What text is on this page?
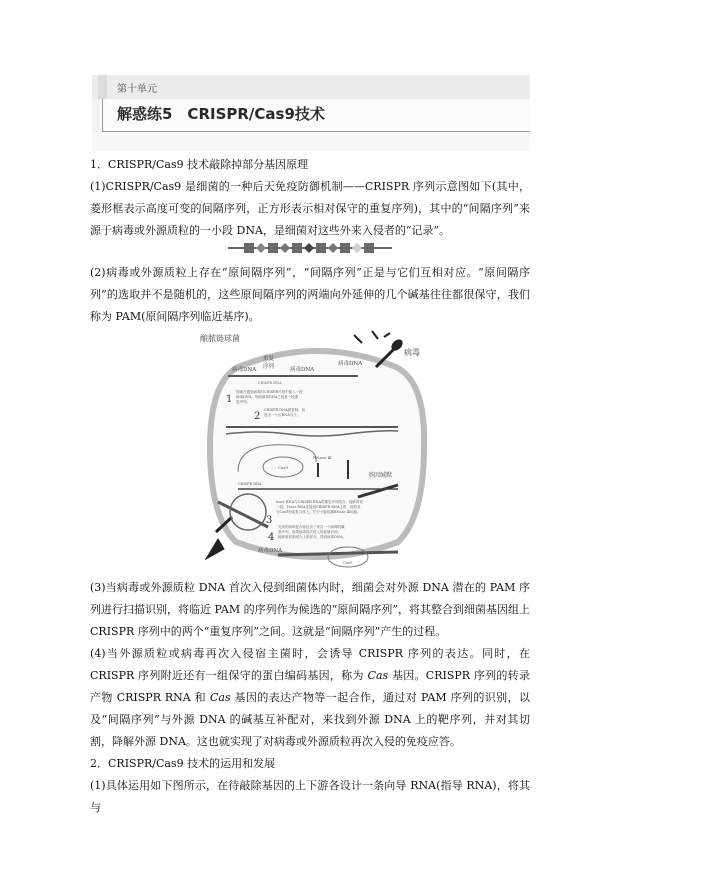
第十单元
解惑练5　CRISPR/Cas9技术

1．CRISPR/Cas9 技术敲除掉部分基因原理

(1)CRISPR/Cas9 是细菌的一种后天免疫防御机制——CRISPR 序列示意图如下(其中，菱形框表示高度可变的间隔序列，正方形表示相对保守的重复序列)，其中的“间隔序列”来源于病毒或外源质粒的一小段 DNA，是细菌对这些外来入侵者的“记录”。

(2)病毒或外源质粒上存在“原间隔序列”，“间隔序列”正是与它们互相对应。“原间隔序列”的选取并不是随机的，这些原间隔序列的两端向外延伸的几个碱基往往都很保守，我们称为 PAM(原间隔序列临近基序)。

酿脓链球菌
病毒
病毒DNA
重复
序列	病毒DNA
病毒DNA
CRISPR DNA
1
细菌在遇到病毒时CRISPR片段中插入一段
病毒DNA，每段病毒DNA之间是一段重
复序列。
2
CRISPR DNA被复制，但
是出一个长RNA分子。
Cas9
RNase Ⅲ
基因缄默
CRISPR RNA
3
tracr RNA与CRISPR RNA的重复序列结合，能够剪切
一段。Tracr RNA连接到CRISPR RNA上时，便将其
与Cas9形成复合体上。长分子能切割RNase Ⅲ切割。
4
完成的病毒复合体包含了来自一个病毒的碱
基序列，如果病毒再次侵入时能够识别，
能够被切割成为上游部分，得到病毒DNA。
病毒DNA
Cas9

(3)当病毒或外源质粒 DNA 首次入侵到细菌体内时，细菌会对外源 DNA 潜在的 PAM 序列进行扫描识别，将临近 PAM 的序列作为候选的“原间隔序列”，将其整合到细菌基因组上 CRISPR 序列中的两个“重复序列”之间。这就是“间隔序列”产生的过程。

(4)当外源质粒或病毒再次入侵宿主菌时，会诱导 CRISPR 序列的表达。同时，在 CRISPR 序列附近还有一组保守的蛋白编码基因，称为 Cas 基因。CRISPR 序列的转录产物 CRISPR RNA 和 Cas 基因的表达产物等一起合作，通过对 PAM 序列的识别，以及“间隔序列”与外源 DNA 的碱基互补配对，来找到外源 DNA 上的靶序列，并对其切割，降解外源 DNA。这也就实现了对病毒或外源质粒再次入侵的免疫应答。

2．CRISPR/Cas9 技术的运用和发展

(1)具体运用如下图所示，在待敲除基因的上下游各设计一条向导 RNA(指导 RNA)，将其与
